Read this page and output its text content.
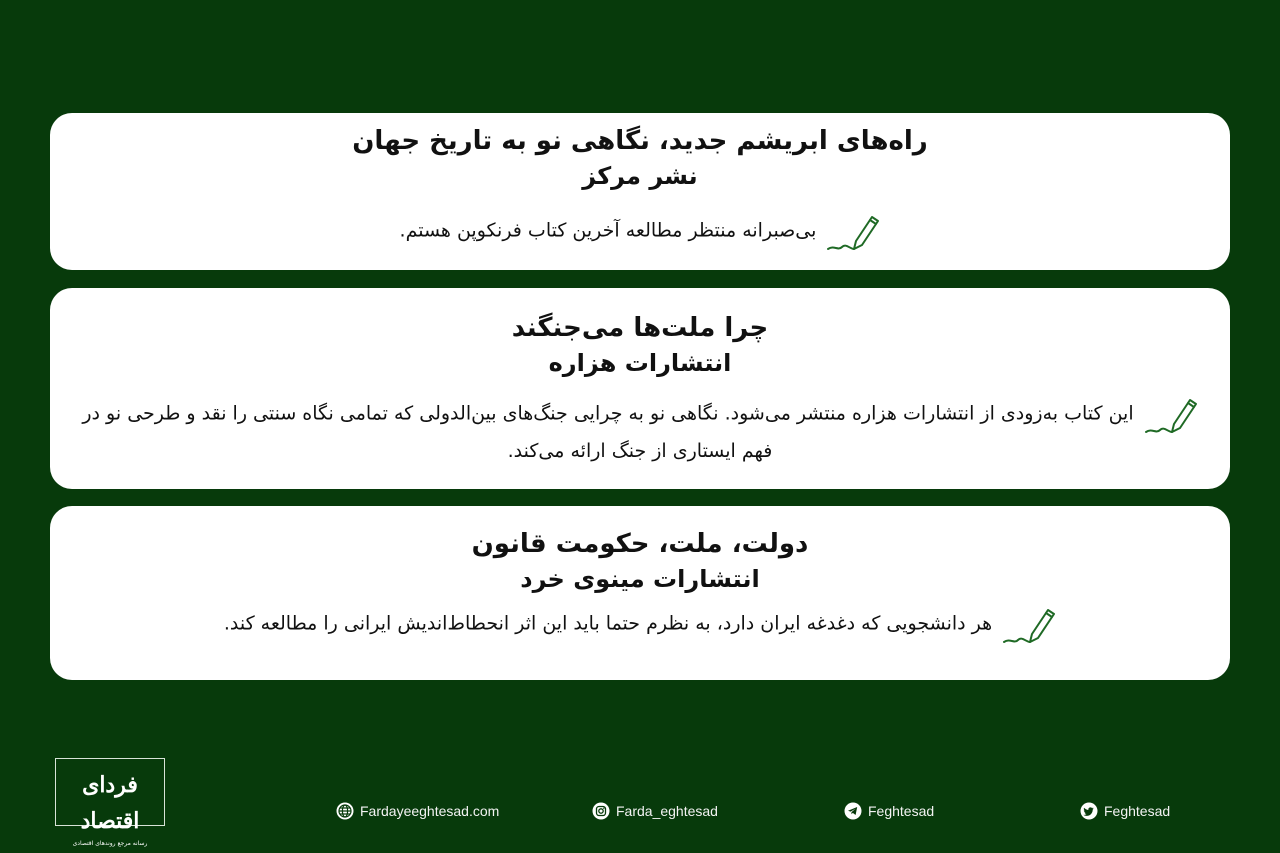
راه‌های ابریشم جدید، نگاهی نو به تاریخ جهان

نشر مرکز

بی‌صبرانه منتظر مطالعه آخرین کتاب فرنکوپن هستم.

چرا ملت‌ها می‌جنگند

انتشارات هزاره

این کتاب به‌زودی از انتشارات هزاره منتشر می‌شود. نگاهی نو به چرایی جنگ‌های بین‌الدولی که تمامی نگاه سنتی را نقد و طرحی نو در فهم ایستاری از جنگ ارائه می‌کند.

دولت، ملت، حکومت قانون

انتشارات مینوی خرد

هر دانشجویی که دغدغه ایران دارد، به نظرم حتما باید این اثر انحطاط‌اندیش ایرانی را مطالعه کند.
فردای اقتصاد
رسانه مرجع روندهای اقتصادی
Fardayeeghtesad.com	Farda_eghtesad	Feghtesad	Feghtesad
